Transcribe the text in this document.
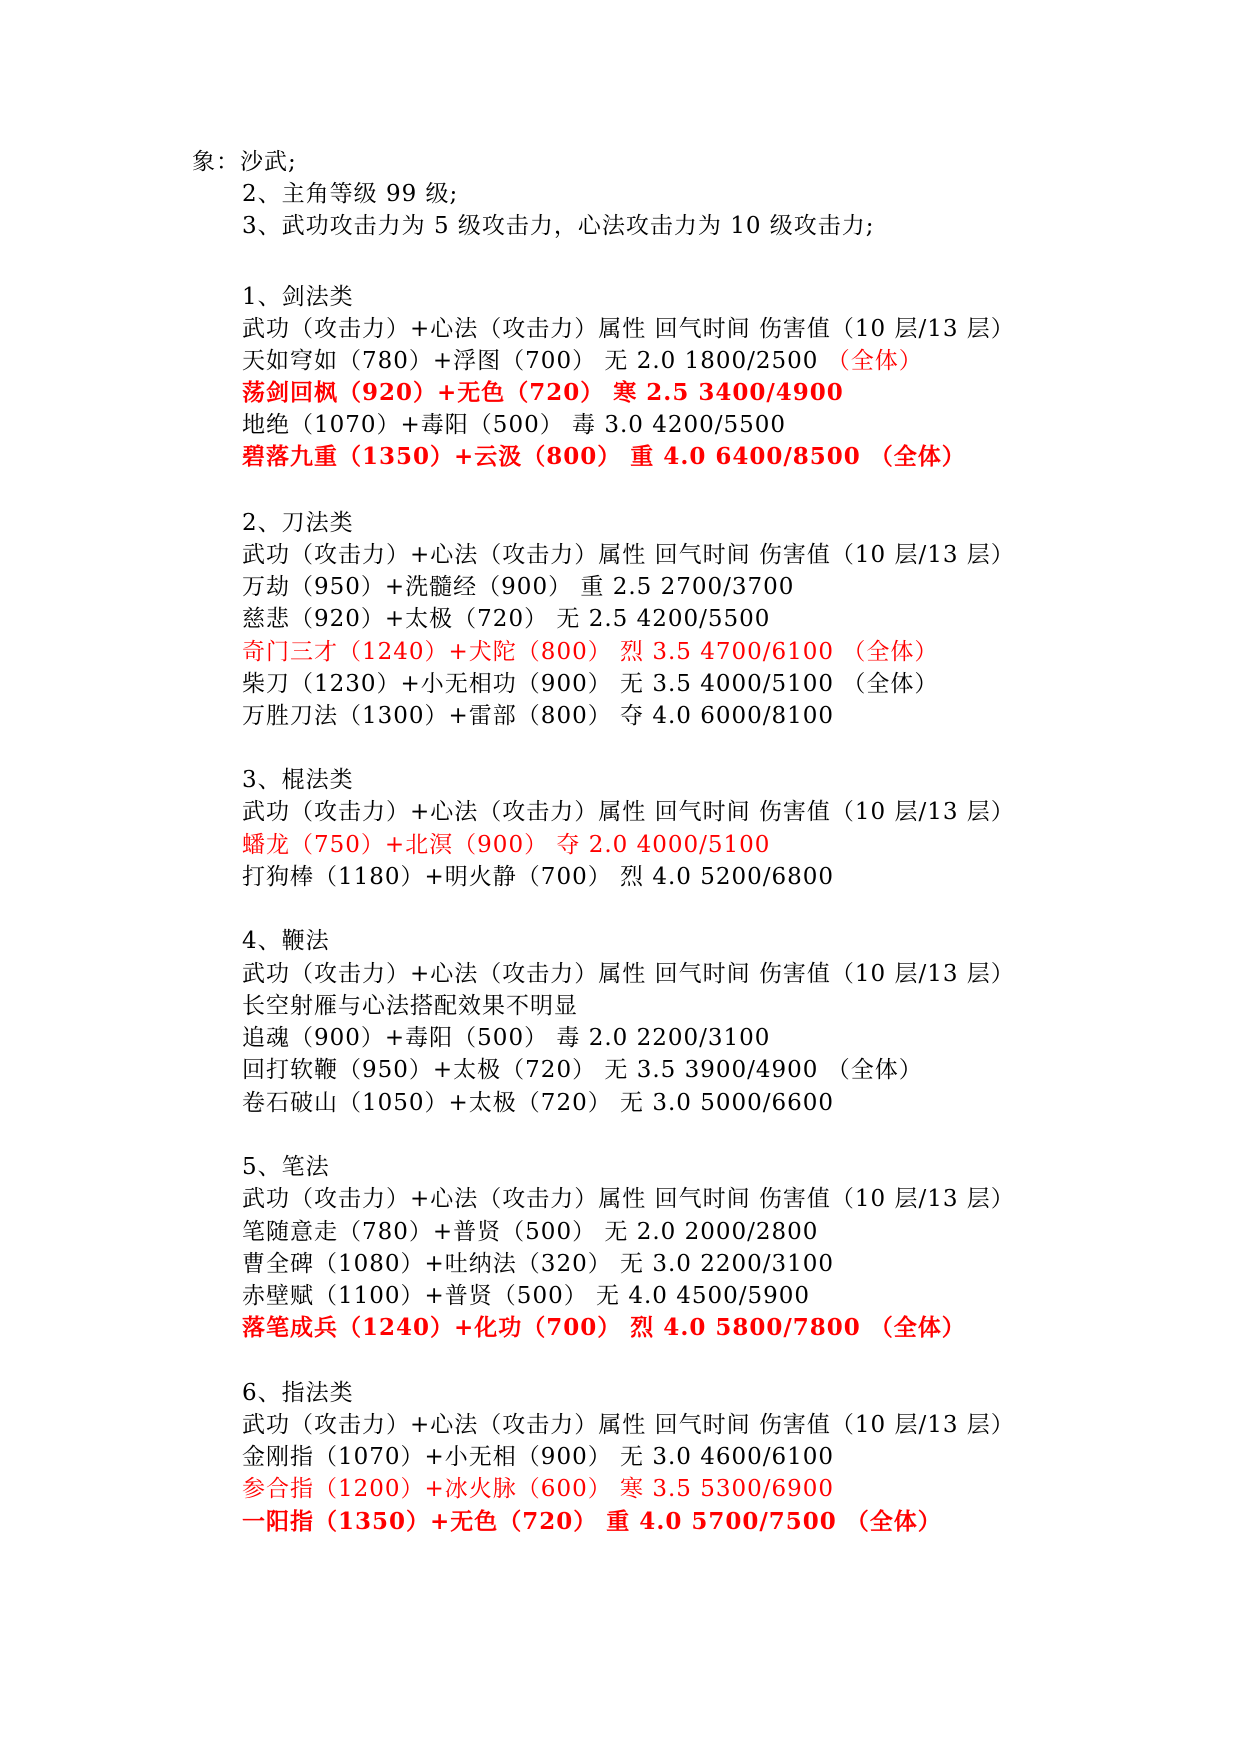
象：沙武;
2、主角等级 99 级;
3、武功攻击力为 5 级攻击力，心法攻击力为 10 级攻击力;
1、剑法类
武功（攻击力）+心法（攻击力）属性 回气时间 伤害值（10 层/13 层）
天如穹如（780）+浮图（700） 无 2.0 1800/2500 （全体）
荡剑回枫（920）+无色（720） 寒 2.5 3400/4900
地绝（1070）+毒阳（500） 毒 3.0 4200/5500
碧落九重（1350）+云汲（800） 重 4.0 6400/8500 （全体）
2、刀法类
武功（攻击力）+心法（攻击力）属性 回气时间 伤害值（10 层/13 层）
万劫（950）+洗髓经（900） 重 2.5 2700/3700
慈悲（920）+太极（720） 无 2.5 4200/5500
奇门三才（1240）+犬陀（800） 烈 3.5 4700/6100 （全体）
柴刀（1230）+小无相功（900） 无 3.5 4000/5100 （全体）
万胜刀法（1300）+雷部（800） 夺 4.0 6000/8100
3、棍法类
武功（攻击力）+心法（攻击力）属性 回气时间 伤害值（10 层/13 层）
蟠龙（750）+北溟（900） 夺 2.0 4000/5100
打狗棒（1180）+明火静（700） 烈 4.0 5200/6800
4、鞭法
武功（攻击力）+心法（攻击力）属性 回气时间 伤害值（10 层/13 层）
长空射雁与心法搭配效果不明显
追魂（900）+毒阳（500） 毒 2.0 2200/3100
回打软鞭（950）+太极（720） 无 3.5 3900/4900 （全体）
卷石破山（1050）+太极（720） 无 3.0 5000/6600
5、笔法
武功（攻击力）+心法（攻击力）属性 回气时间 伤害值（10 层/13 层）
笔随意走（780）+普贤（500） 无 2.0 2000/2800
曹全碑（1080）+吐纳法（320） 无 3.0 2200/3100
赤壁赋（1100）+普贤（500） 无 4.0 4500/5900
落笔成兵（1240）+化功（700） 烈 4.0 5800/7800 （全体）
6、指法类
武功（攻击力）+心法（攻击力）属性 回气时间 伤害值（10 层/13 层）
金刚指（1070）+小无相（900） 无 3.0 4600/6100
参合指（1200）+冰火脉（600） 寒 3.5 5300/6900
一阳指（1350）+无色（720） 重 4.0 5700/7500 （全体）
